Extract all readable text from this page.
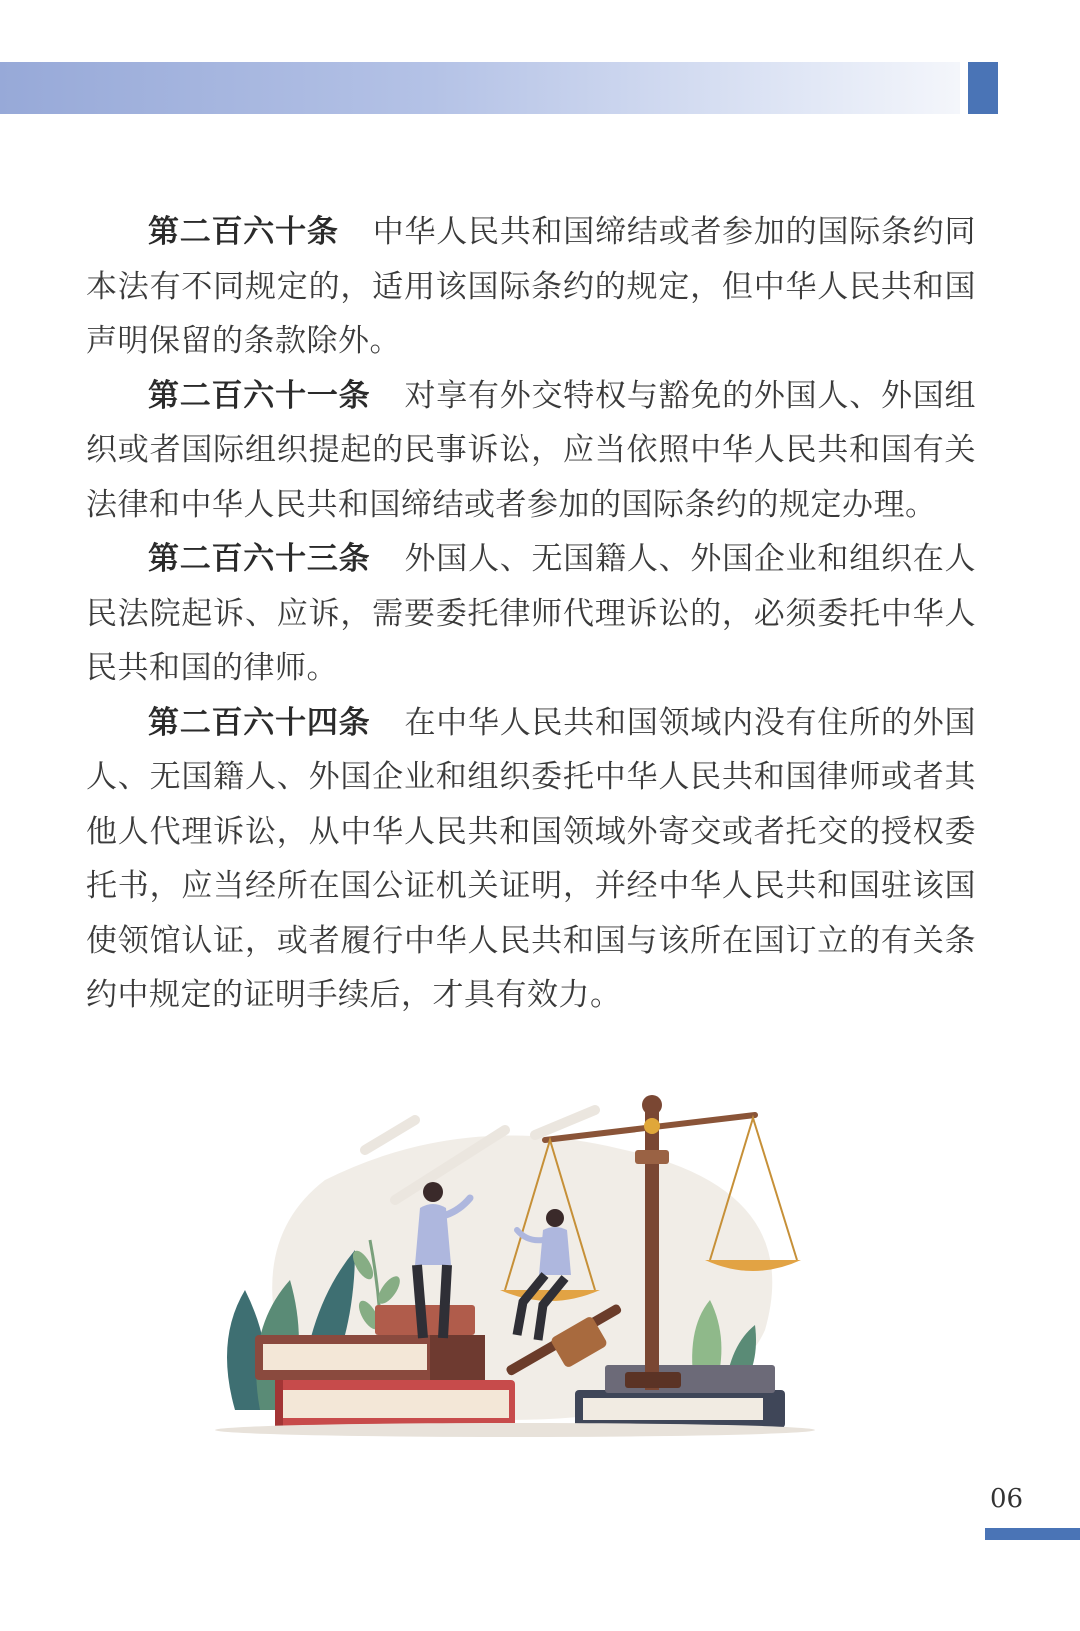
第二百六十条 中华人民共和国缔结或者参加的国际条约同本法有不同规定的，适用该国际条约的规定，但中华人民共和国声明保留的条款除外。

第二百六十一条 对享有外交特权与豁免的外国人、外国组织或者国际组织提起的民事诉讼，应当依照中华人民共和国有关法律和中华人民共和国缔结或者参加的国际条约的规定办理。

第二百六十三条 外国人、无国籍人、外国企业和组织在人民法院起诉、应诉，需要委托律师代理诉讼的，必须委托中华人民共和国的律师。

第二百六十四条 在中华人民共和国领域内没有住所的外国人、无国籍人、外国企业和组织委托中华人民共和国律师或者其他人代理诉讼，从中华人民共和国领域外寄交或者托交的授权委托书，应当经所在国公证机关证明，并经中华人民共和国驻该国使领馆认证，或者履行中华人民共和国与该所在国订立的有关条约中规定的证明手续后，才具有效力。

06
